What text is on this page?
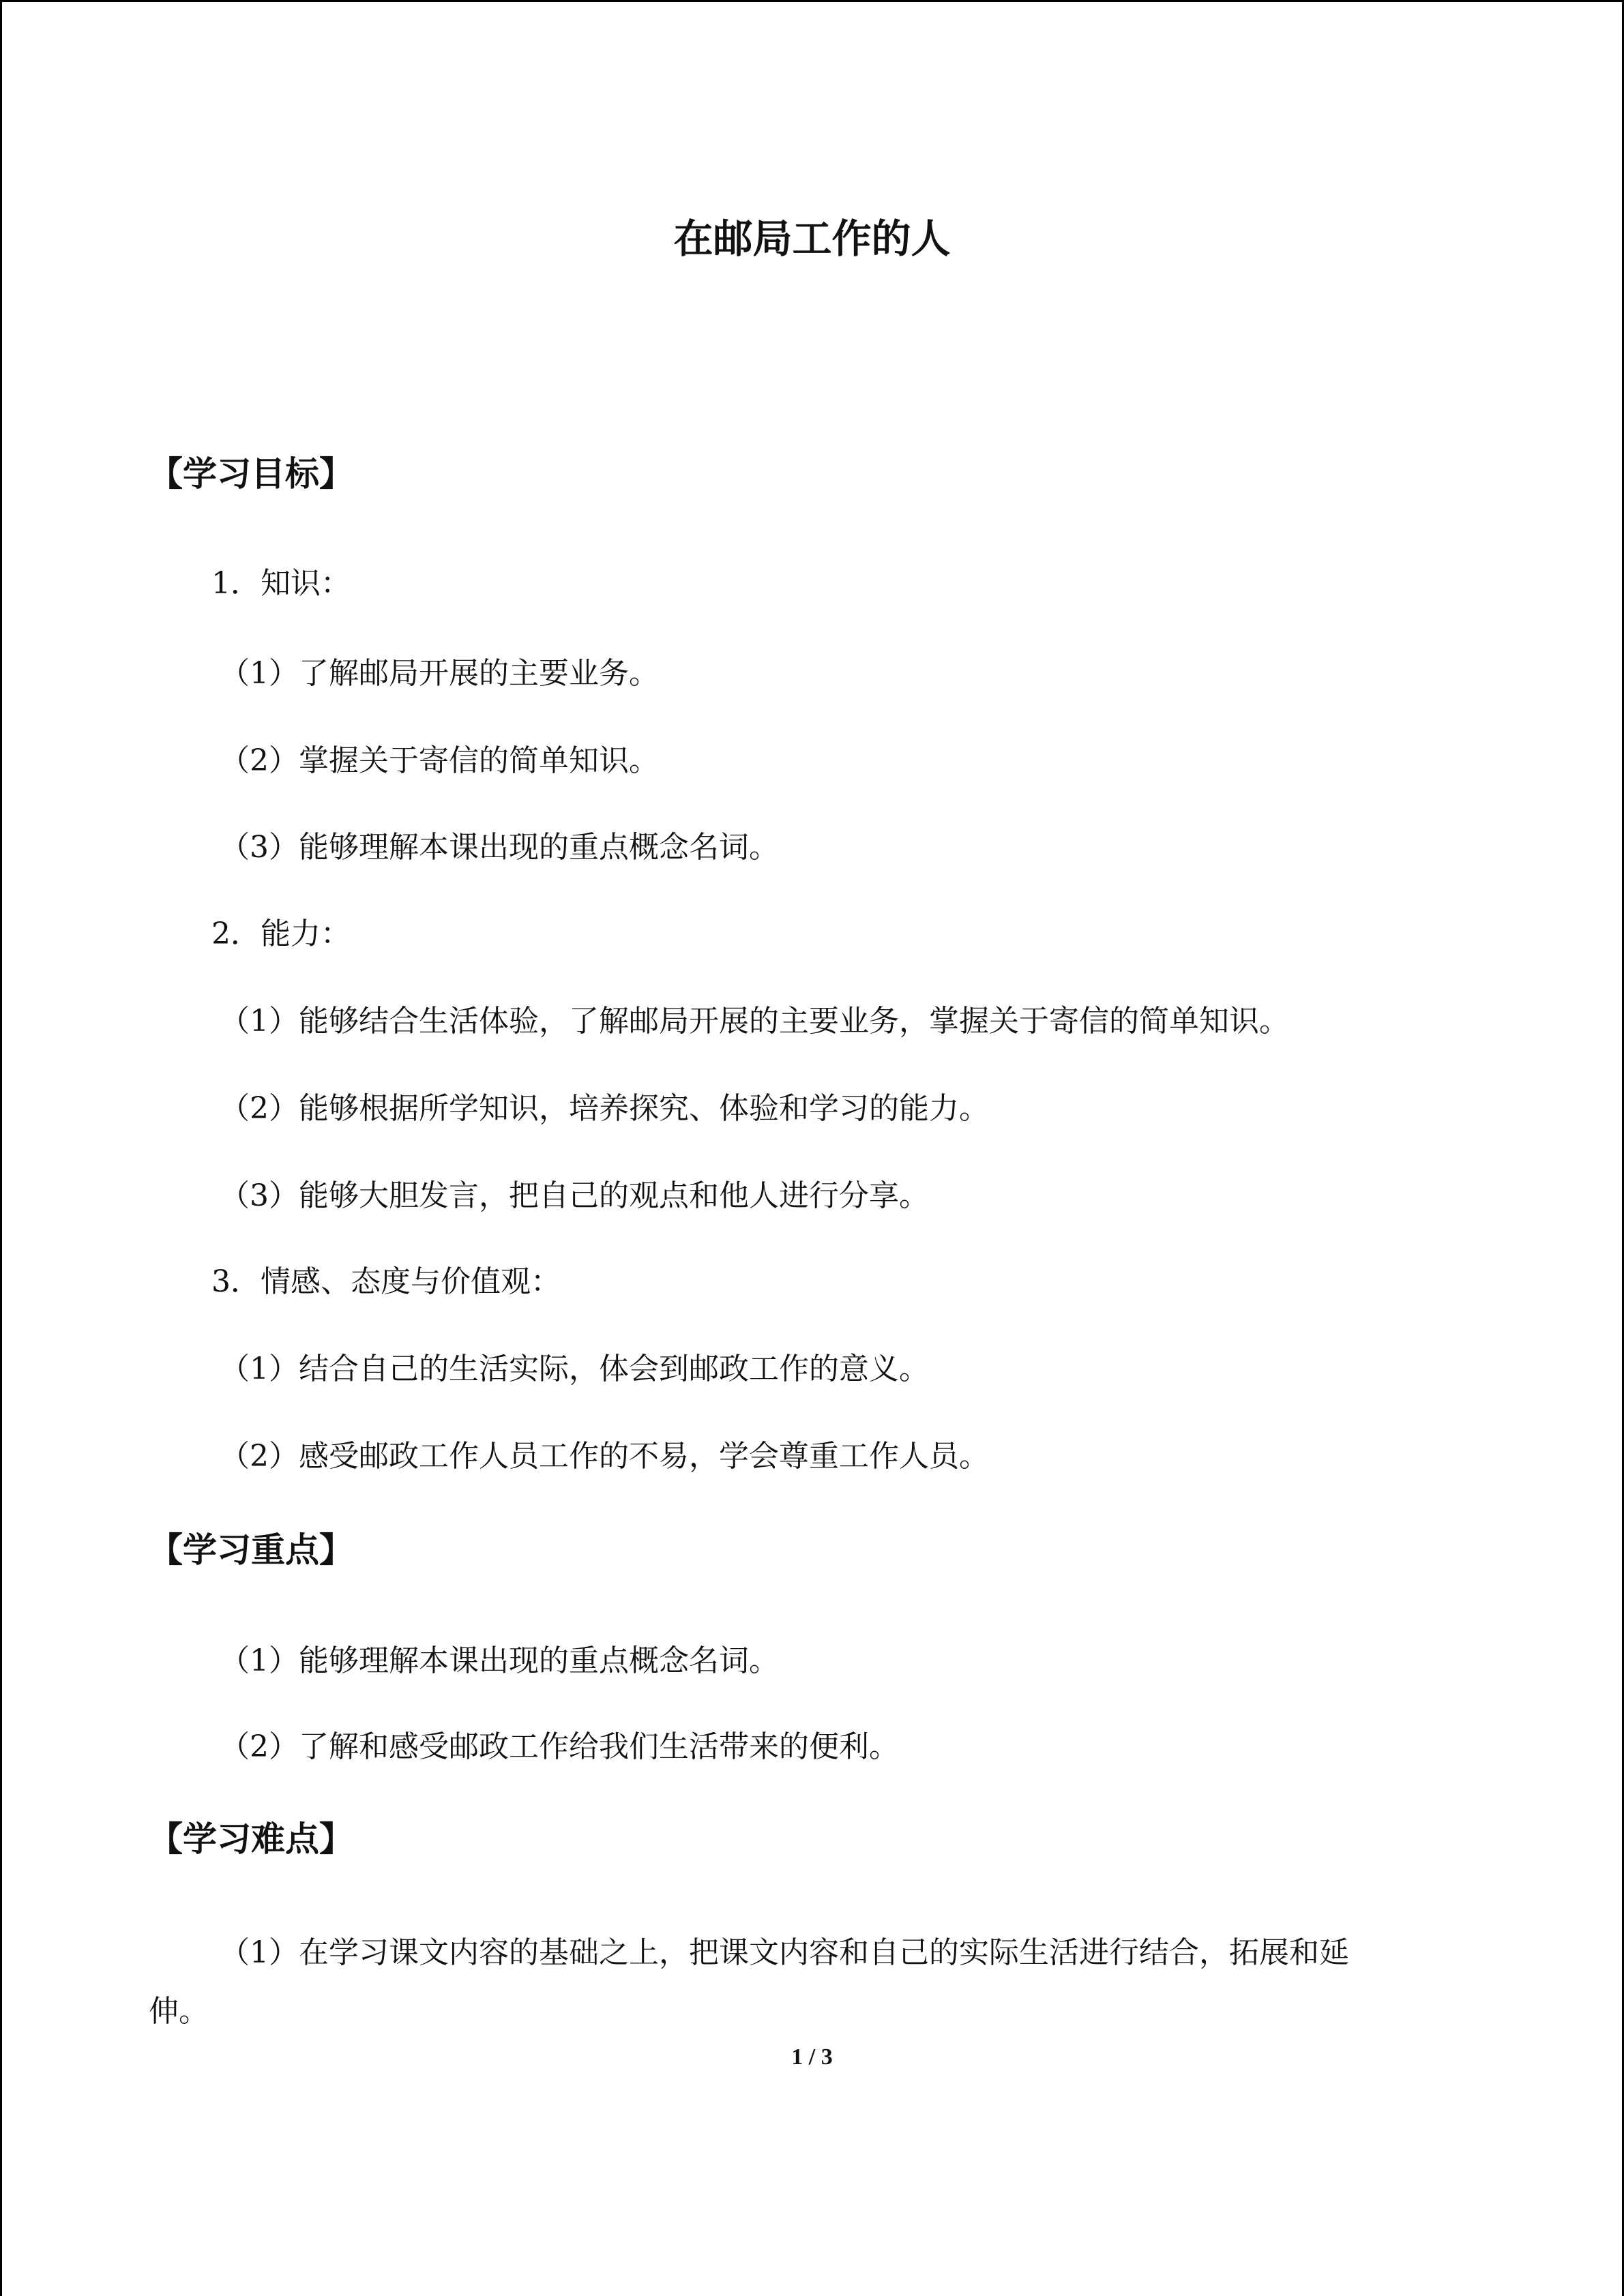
在邮局工作的人
【学习目标】
1．知识：
（1）了解邮局开展的主要业务。
（2）掌握关于寄信的简单知识。
（3）能够理解本课出现的重点概念名词。
2．能力：
（1）能够结合生活体验，了解邮局开展的主要业务，掌握关于寄信的简单知识。
（2）能够根据所学知识，培养探究、体验和学习的能力。
（3）能够大胆发言，把自己的观点和他人进行分享。
3．情感、态度与价值观：
（1）结合自己的生活实际，体会到邮政工作的意义。
（2）感受邮政工作人员工作的不易，学会尊重工作人员。
【学习重点】
（1）能够理解本课出现的重点概念名词。
（2）了解和感受邮政工作给我们生活带来的便利。
【学习难点】
（1）在学习课文内容的基础之上，把课文内容和自己的实际生活进行结合，拓展和延
伸。
1 / 3
